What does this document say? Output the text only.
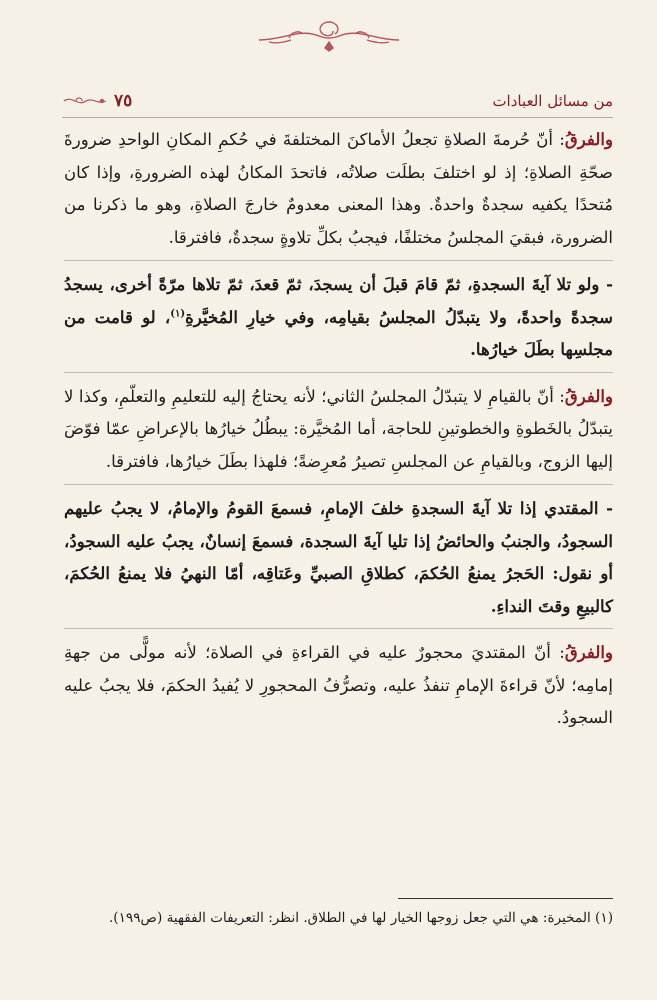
من مسائل العبادات
٧٥

والفرقُ: أنّ حُرمةَ الصلاةِ تجعلُ الأماكنَ المختلفةَ في حُكمِ المكانِ الواحدِ ضرورةَ صحّةِ الصلاةِ؛ إذ لو اختلفَ بطلَت صلاتُه، فاتحدَ المكانُ لهذه الضرورةِ، وإذا كان مُتحدًا يكفيه سجدةٌ واحدةٌ. وهذا المعنى معدومٌ خارجَ الصلاةِ، وهو ما ذكرنا من الضرورة، فبقيَ المجلسُ مختلفًا، فيجبُ بكلِّ تلاوةٍ سجدةٌ، فافترقا.

- ولو تلا آيةَ السجدةِ، ثمّ قامَ قبلَ أن يسجدَ، ثمّ قعدَ، ثمّ تلاها مرّةً أخرى، يسجدُ سجدةً واحدةً، ولا يتبدّلُ المجلسُ بقيامِه، وفي خيارِ المُخيَّرةِ$^{(١)}$، لو قامت من مجلسِها بطَلَ خيارُها.

والفرقُ: أنّ بالقيامِ لا يتبدّلُ المجلسُ الثاني؛ لأنه يحتاجُ إليه للتعليمِ والتعلّمِ، وكذا لا يتبدّلُ بالخَطوةِ والخطوتينِ للحاجة، أما المُخيَّرة: يبطُلُ خيارُها بالإعراضِ عمّا فوّضَ إليها الزوج، وبالقيامِ عن المجلسِ تصيرُ مُعرِضةً؛ فلهذا بطَلَ خيارُها، فافترقا.

- المقتدي إذا تلا آيةَ السجدةِ خلفَ الإمامِ، فسمعَ القومُ والإمامُ، لا يجبُ عليهم السجودُ، والجنبُ والحائضُ إذا تليا آيةَ السجدة، فسمعَ إنسانٌ، يجبُ عليه السجودُ، أو نقول: الحَجرُ يمنعُ الحُكمَ، كطلاقِ الصبيِّ وعَتاقِه، أمّا النهيُ فلا يمنعُ الحُكمَ، كالبيعِ وقتَ النداءِ.

والفرقُ: أنّ المقتديَ محجورٌ عليه في القراءةِ في الصلاة؛ لأنه مولًّى من جهةِ إمامِه؛ لأنّ قراءةَ الإمامِ تنفذُ عليه، وتصرُّفُ المحجورِ لا يُفيدُ الحكمَ، فلا يجبُ عليه السجودُ.

(١) المخيرة: هي التي جعل زوجها الخيار لها في الطلاق. انظر: التعريفات الفقهية (ص١٩٩).
